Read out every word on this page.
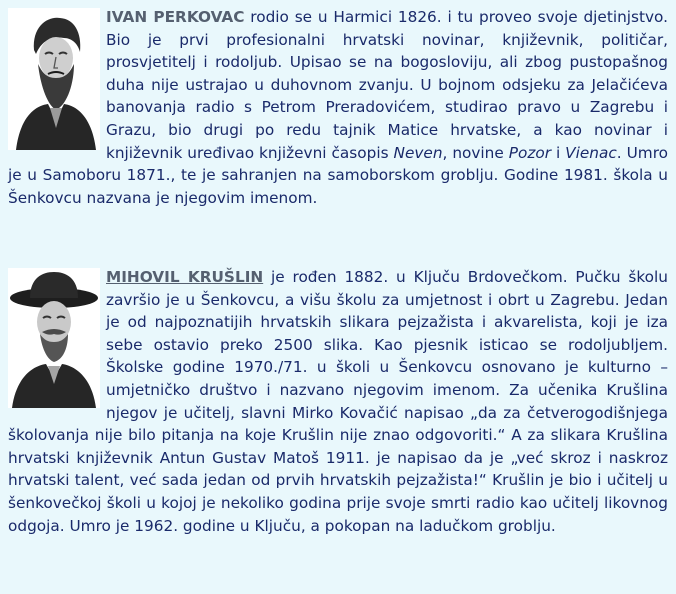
IVAN PERKOVAC rodio se u Harmici 1826. i tu proveo svoje djetinjstvo. Bio je prvi profesionalni hrvatski novinar, književnik, političar, prosvjetitelj i rodoljub. Upisao se na bogosloviju, ali zbog pustopašnog duha nije ustrajao u duhovnom zvanju. U bojnom odsjeku za Jelačićeva banovanja radio s Petrom Preradovićem, studirao pravo u Zagrebu i Grazu, bio drugi po redu tajnik Matice hrvatske, a kao novinar i književnik uređivao književni časopis Neven, novine Pozor i Vienac. Umro je u Samoboru 1871., te je sahranjen na samoborskom groblju. Godine 1981. škola u Šenkovcu nazvana je njegovim imenom.
MIHOVIL KRUŠLIN je rođen 1882. u Ključu Brdovečkom. Pučku školu završio je u Šenkovcu, a višu školu za umjetnost i obrt u Zagrebu. Jedan je od najpoznatijih hrvatskih slikara pejzažista i akvarelista, koji je iza sebe ostavio preko 2500 slika. Kao pjesnik isticao se rodoljubljem. Školske godine 1970./71. u školi u Šenkovcu osnovano je kulturno – umjetničko društvo i nazvano njegovim imenom. Za učenika Krušlina njegov je učitelj, slavni Mirko Kovačić napisao „da za četverogodišnjega školovanja nije bilo pitanja na koje Krušlin nije znao odgovoriti.“ A za slikara Krušlina hrvatski književnik Antun Gustav Matoš 1911. je napisao da je „već skroz i naskroz hrvatski talent, već sada jedan od prvih hrvatskih pejzažista!“ Krušlin je bio i učitelj u šenkovečkoj školi u kojoj je nekoliko godina prije svoje smrti radio kao učitelj likovnog odgoja. Umro je 1962. godine u Ključu, a pokopan na ladučkom groblju.
